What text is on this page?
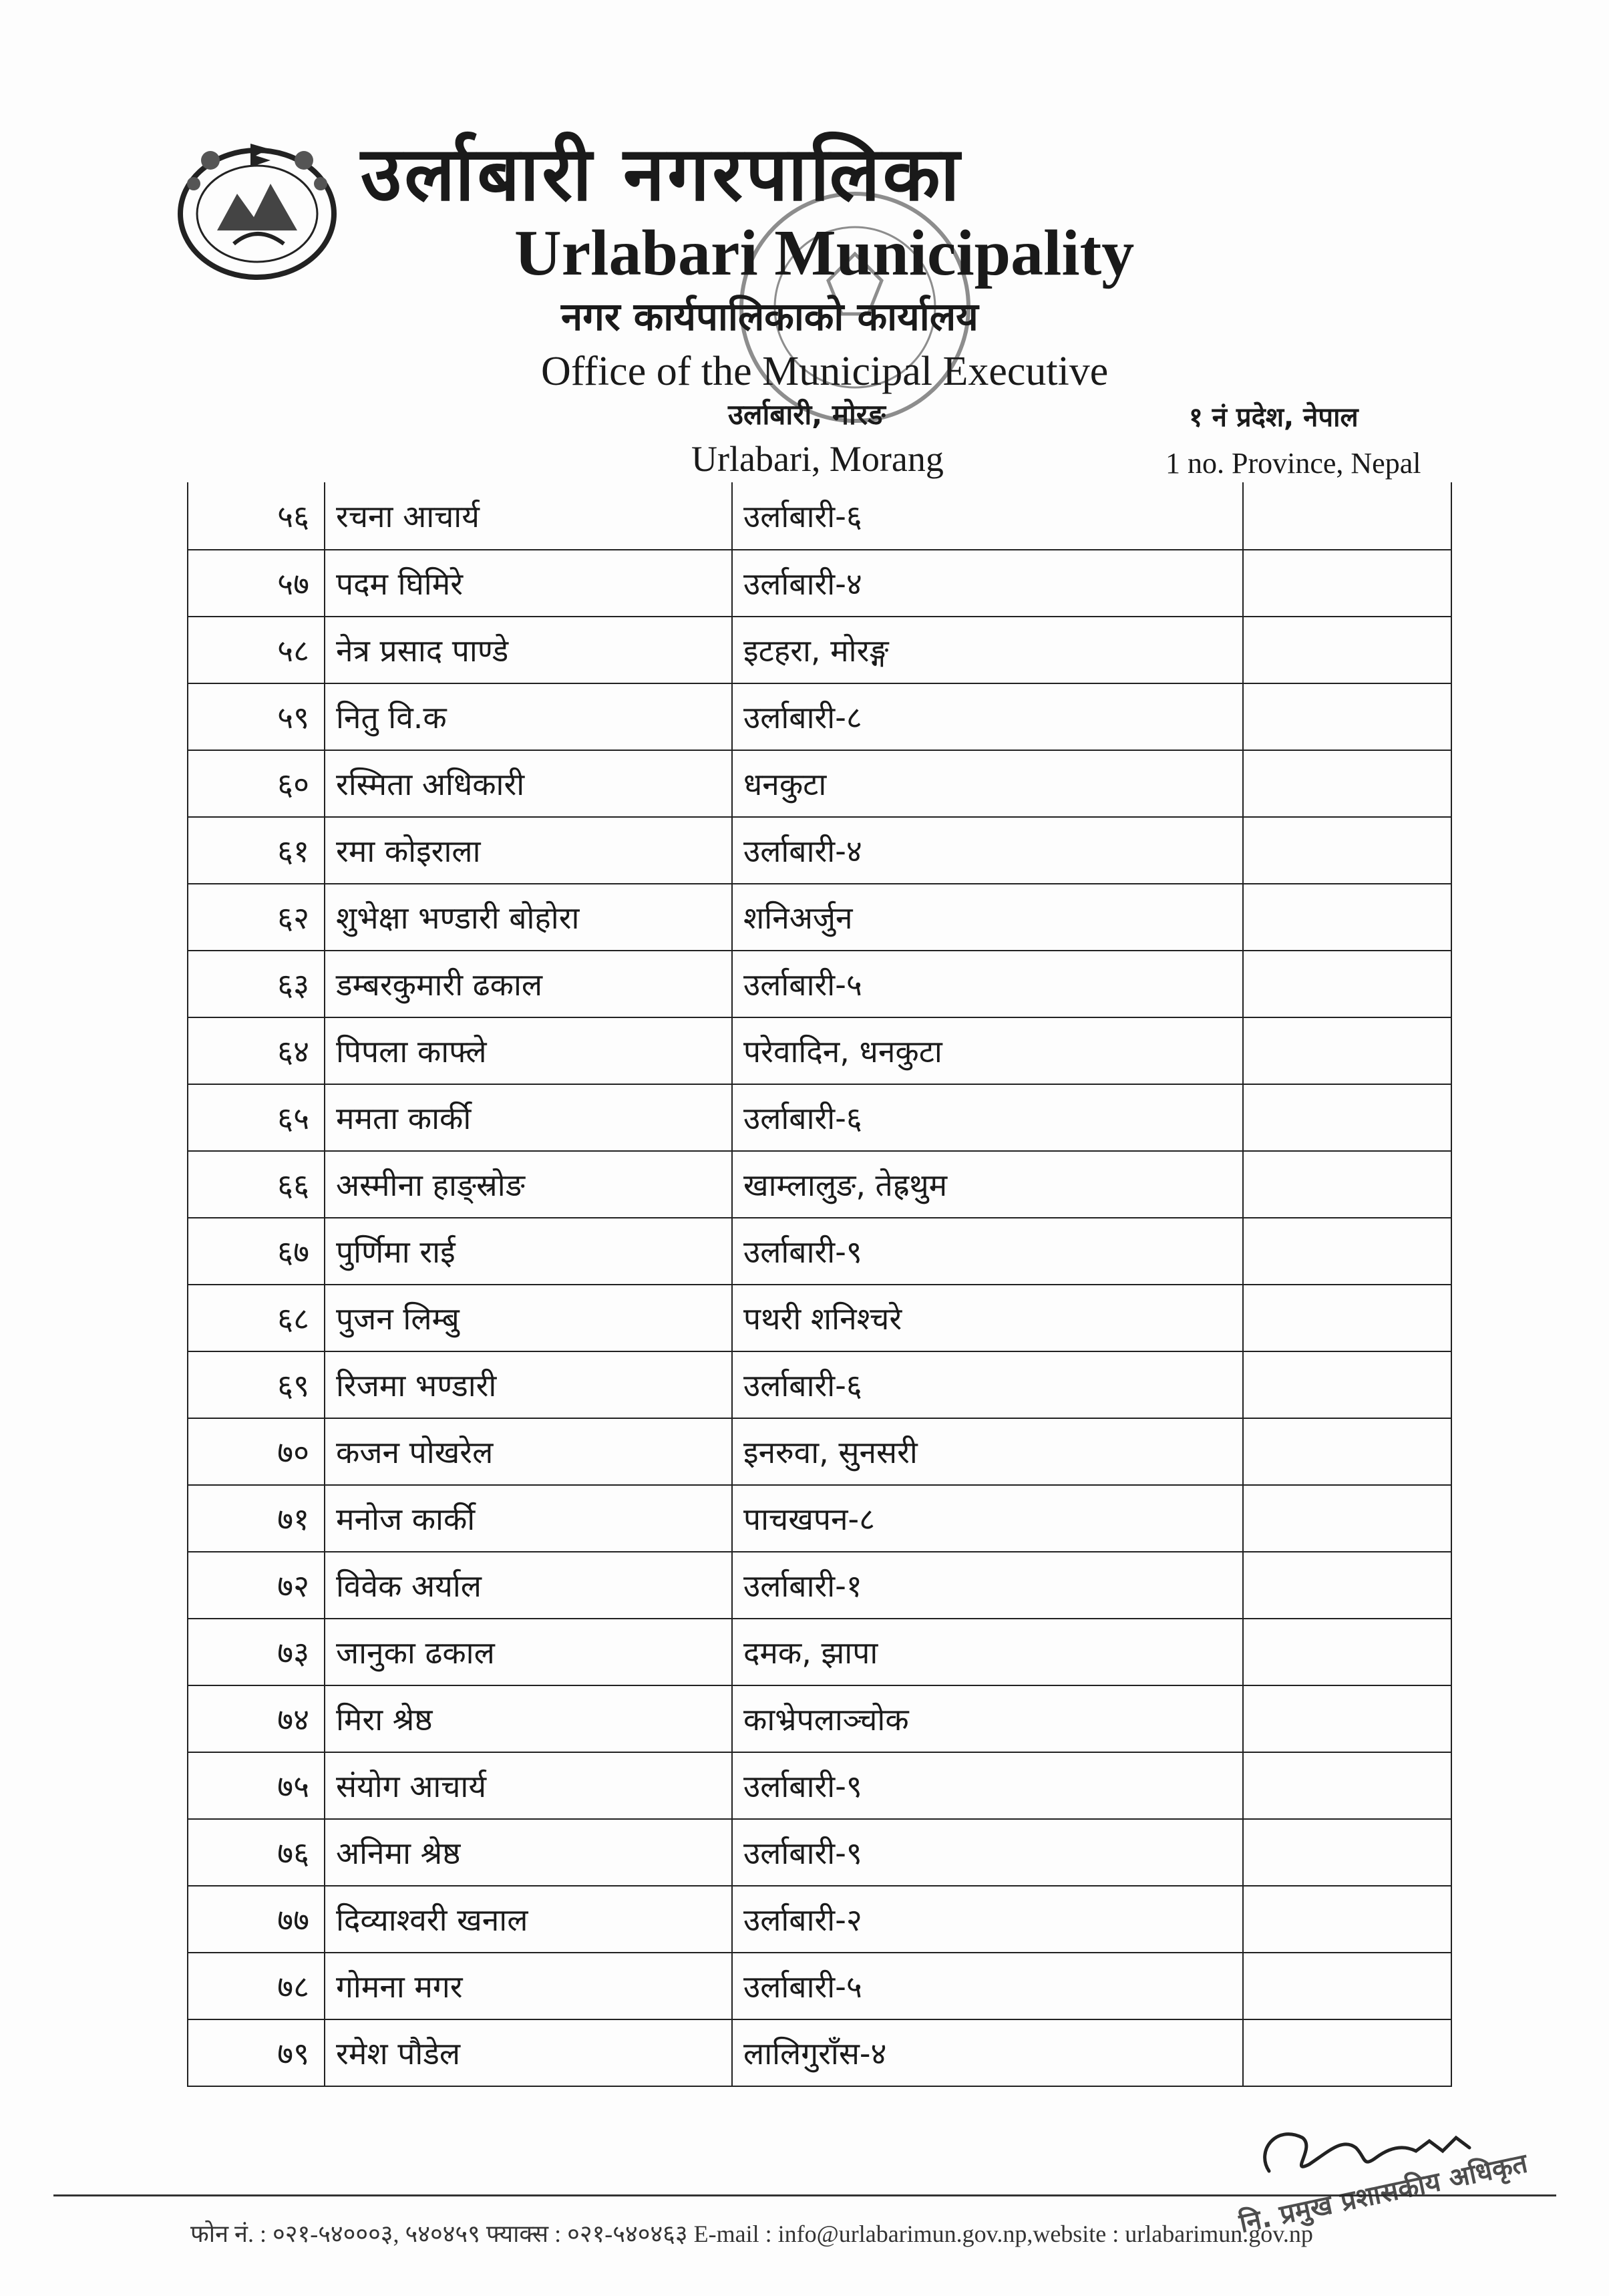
उर्लाबारी नगरपालिका
Urlabari Municipality
नगर कार्यपालिकाको कार्यालय
Office of the Municipal Executive
उर्लाबारी, मोरङ
Urlabari, Morang
१ नं प्रदेश, नेपाल
1 no. Province, Nepal
५६	रचना आचार्य	उर्लाबारी-६	
५७	पदम घिमिरे	उर्लाबारी-४	
५८	नेत्र प्रसाद पाण्डे	इटहरा, मोरङ्ग	
५९	नितु वि.क	उर्लाबारी-८	
६०	रस्मिता अधिकारी	धनकुटा	
६१	रमा कोइराला	उर्लाबारी-४	
६२	शुभेक्षा भण्डारी बोहोरा	शनिअर्जुन	
६३	डम्बरकुमारी ढकाल	उर्लाबारी-५	
६४	पिपला काफ्ले	परेवादिन, धनकुटा	
६५	ममता कार्की	उर्लाबारी-६	
६६	अस्मीना हाङ्स्रोङ	खाम्लालुङ, तेह्रथुम	
६७	पुर्णिमा राई	उर्लाबारी-९	
६८	पुजन लिम्बु	पथरी शनिश्चरे	
६९	रिजमा भण्डारी	उर्लाबारी-६	
७०	कजन पोखरेल	इनरुवा, सुनसरी	
७१	मनोज कार्की	पाचखपन-८	
७२	विवेक अर्याल	उर्लाबारी-१	
७३	जानुका ढकाल	दमक, झापा	
७४	मिरा श्रेष्ठ	काभ्रेपलाञ्चोक	
७५	संयोग आचार्य	उर्लाबारी-९	
७६	अनिमा श्रेष्ठ	उर्लाबारी-९	
७७	दिव्याश्वरी खनाल	उर्लाबारी-२	
७८	गोमना मगर	उर्लाबारी-५	
७९	रमेश पौडेल	लालिगुराँस-४	
फोन नं. : ०२१-५४०००३, ५४०४५९ फ्याक्स : ०२१-५४०४६३ E-mail : info@urlabarimun.gov.np,website : urlabarimun.gov.np
नि. प्रमुख प्रशासकीय अधिकृत
